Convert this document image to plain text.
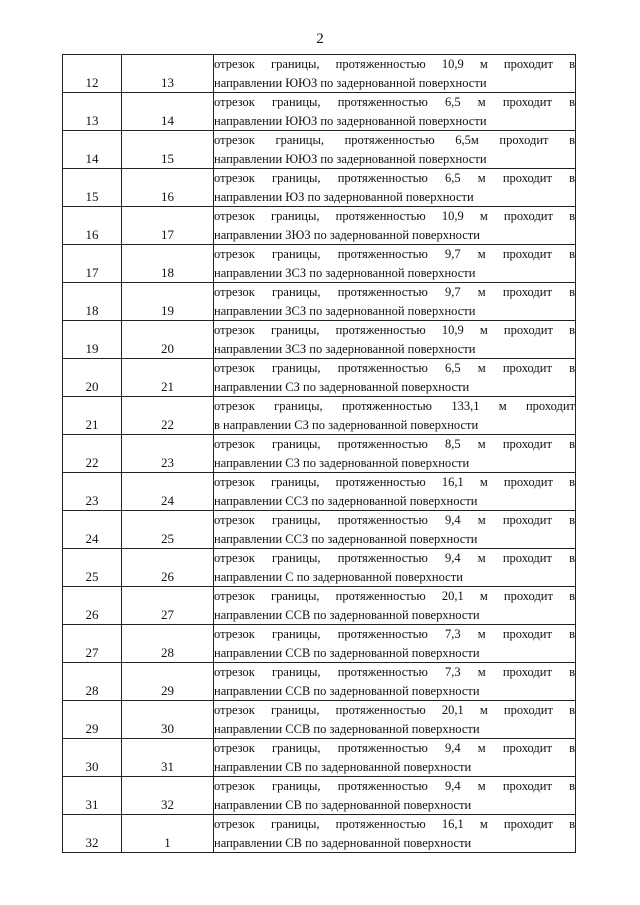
2
12	13	отрезок границы, протяженностью 10,9 м проходит в
направлении ЮЮЗ по задернованной поверхности

13	14	отрезок границы, протяженностью 6,5 м проходит в
направлении ЮЮЗ по задернованной поверхности

14	15	отрезок границы, протяженностью 6,5м проходит в
направлении ЮЮЗ по задернованной поверхности

15	16	отрезок границы, протяженностью 6,5 м проходит в
направлении ЮЗ по задернованной поверхности

16	17	отрезок границы, протяженностью 10,9 м проходит в
направлении ЗЮЗ по задернованной поверхности

17	18	отрезок границы, протяженностью 9,7 м проходит в
направлении ЗСЗ по задернованной поверхности

18	19	отрезок границы, протяженностью 9,7 м проходит в
направлении ЗСЗ по задернованной поверхности

19	20	отрезок границы, протяженностью 10,9 м проходит в
направлении ЗСЗ по задернованной поверхности

20	21	отрезок границы, протяженностью 6,5 м проходит в
направлении СЗ по задернованной поверхности

21	22	отрезок границы, протяженностью 133,1 м проходит
в направлении СЗ по задернованной поверхности

22	23	отрезок границы, протяженностью 8,5 м проходит в
направлении СЗ по задернованной поверхности

23	24	отрезок границы, протяженностью 16,1 м проходит в
направлении ССЗ по задернованной поверхности

24	25	отрезок границы, протяженностью 9,4 м проходит в
направлении ССЗ по задернованной поверхности

25	26	отрезок границы, протяженностью 9,4 м проходит в
направлении С по задернованной поверхности

26	27	отрезок границы, протяженностью 20,1 м проходит в
направлении ССВ по задернованной поверхности

27	28	отрезок границы, протяженностью 7,3 м проходит в
направлении ССВ по задернованной поверхности

28	29	отрезок границы, протяженностью 7,3 м проходит в
направлении ССВ по задернованной поверхности

29	30	отрезок границы, протяженностью 20,1 м проходит в
направлении ССВ по задернованной поверхности

30	31	отрезок границы, протяженностью 9,4 м проходит в
направлении СВ по задернованной поверхности

31	32	отрезок границы, протяженностью 9,4 м проходит в
направлении СВ по задернованной поверхности

32	1	отрезок границы, протяженностью 16,1 м проходит в
направлении СВ по задернованной поверхности
